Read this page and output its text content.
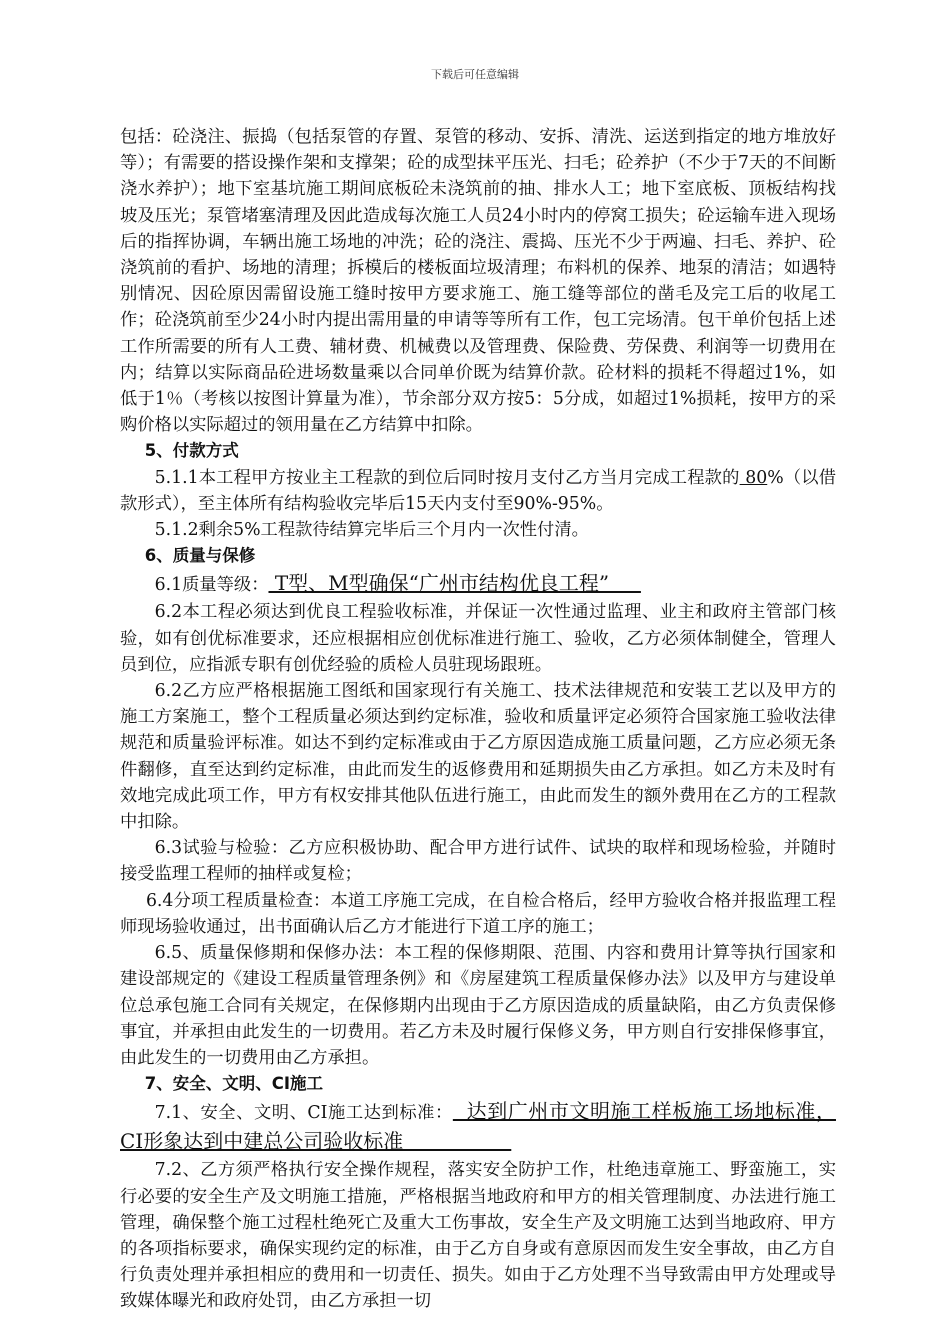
下载后可任意编辑

包括：砼浇注、振捣（包括泵管的存置、泵管的移动、安拆、清洗、运送到指定的地方堆放好等）；有需要的搭设操作架和支撑架；砼的成型抹平压光、扫毛；砼养护（不少于7天的不间断浇水养护）；地下室基坑施工期间底板砼未浇筑前的抽、排水人工；地下室底板、顶板结构找坡及压光；泵管堵塞清理及因此造成每次施工人员24小时内的停窝工损失；砼运输车进入现场后的指挥协调，车辆出施工场地的冲洗；砼的浇注、震捣、压光不少于两遍、扫毛、养护、砼浇筑前的看护、场地的清理；拆模后的楼板面垃圾清理；布料机的保养、地泵的清洁；如遇特别情况、因砼原因需留设施工缝时按甲方要求施工、施工缝等部位的凿毛及完工后的收尾工作；砼浇筑前至少24小时内提出需用量的申请等等所有工作，包工完场清。包干单价包括上述工作所需要的所有人工费、辅材费、机械费以及管理费、保险费、劳保费、利润等一切费用在内；结算以实际商品砼进场数量乘以合同单价既为结算价款。砼材料的损耗不得超过1%，如低于1％（考核以按图计算量为准），节余部分双方按5：5分成，如超过1%损耗，按甲方的采购价格以实际超过的领用量在乙方结算中扣除。

5、付款方式

5.1.1本工程甲方按业主工程款的到位后同时按月支付乙方当月完成工程款的 80%（以借款形式），至主体所有结构验收完毕后15天内支付至90%-95%。

5.1.2剩余5%工程款待结算完毕后三个月内一次性付清。

6、质量与保修

6.1质量等级： T型、M型确保“广州市结构优良工程”

6.2本工程必须达到优良工程验收标准，并保证一次性通过监理、业主和政府主管部门核验，如有创优标准要求，还应根据相应创优标准进行施工、验收，乙方必须体制健全，管理人员到位，应指派专职有创优经验的质检人员驻现场跟班。

6.2乙方应严格根据施工图纸和国家现行有关施工、技术法律规范和安装工艺以及甲方的施工方案施工，整个工程质量必须达到约定标准，验收和质量评定必须符合国家施工验收法律规范和质量验评标准。如达不到约定标准或由于乙方原因造成施工质量问题，乙方应必须无条件翻修，直至达到约定标准，由此而发生的返修费用和延期损失由乙方承担。如乙方未及时有效地完成此项工作，甲方有权安排其他队伍进行施工，由此而发生的额外费用在乙方的工程款中扣除。

6.3试验与检验：乙方应积极协助、配合甲方进行试件、试块的取样和现场检验，并随时接受监理工程师的抽样或复检；

6.4分项工程质量检查：本道工序施工完成，在自检合格后，经甲方验收合格并报监理工程师现场验收通过，出书面确认后乙方才能进行下道工序的施工；

6.5、质量保修期和保修办法：本工程的保修期限、范围、内容和费用计算等执行国家和建设部规定的《建设工程质量管理条例》和《房屋建筑工程质量保修办法》以及甲方与建设单位总承包施工合同有关规定，在保修期内出现由于乙方原因造成的质量缺陷，由乙方负责保修事宜，并承担由此发生的一切费用。若乙方未及时履行保修义务，甲方则自行安排保修事宜，由此发生的一切费用由乙方承担。

7、安全、文明、CI施工

7.1、安全、文明、CI施工达到标准：  达到广州市文明施工样板施工场地标准，CI形象达到中建总公司验收标准

7.2、乙方须严格执行安全操作规程，落实安全防护工作，杜绝违章施工、野蛮施工，实行必要的安全生产及文明施工措施，严格根据当地政府和甲方的相关管理制度、办法进行施工管理，确保整个施工过程杜绝死亡及重大工伤事故，安全生产及文明施工达到当地政府、甲方的各项指标要求，确保实现约定的标准，由于乙方自身或有意原因而发生安全事故，由乙方自行负责处理并承担相应的费用和一切责任、损失。如由于乙方处理不当导致需由甲方处理或导致媒体曝光和政府处罚，由乙方承担一切
